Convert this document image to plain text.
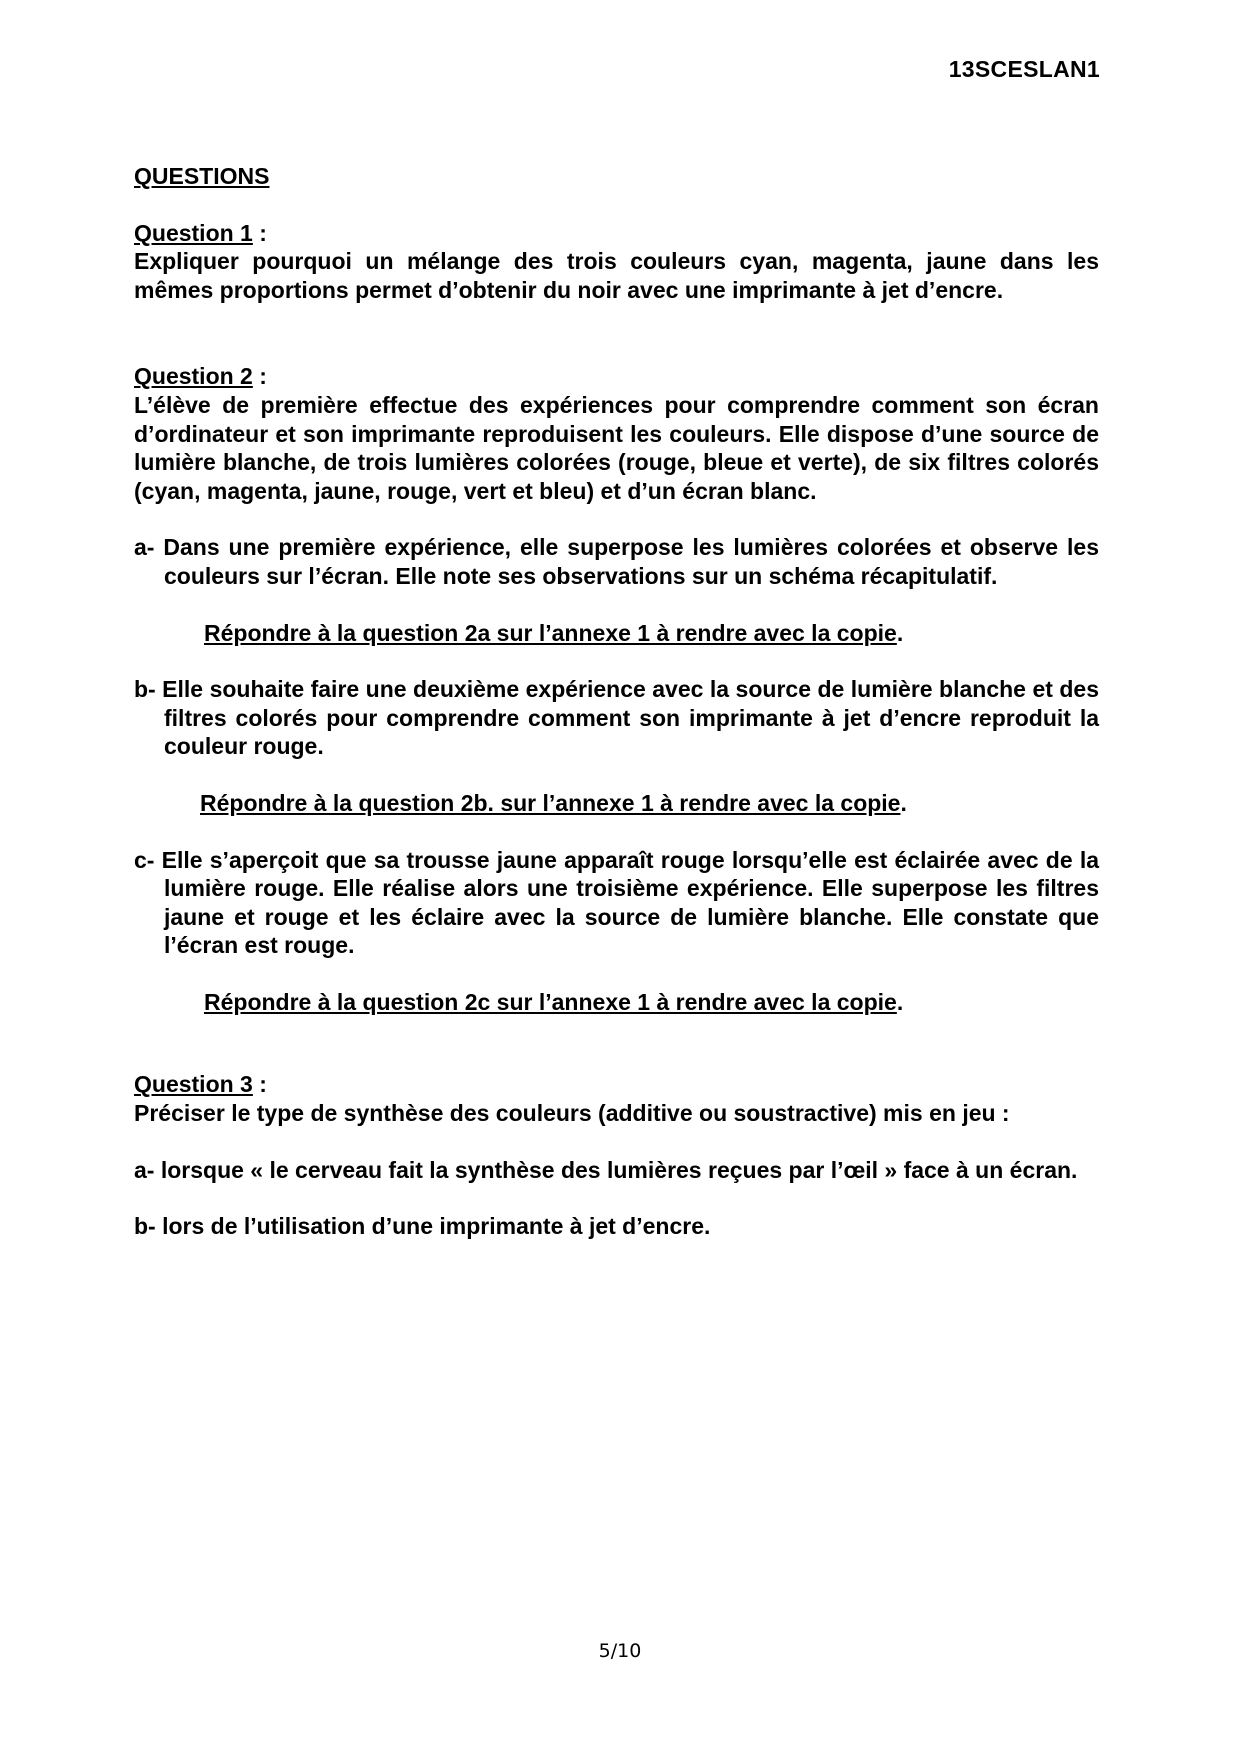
13SCESLAN1

QUESTIONS

Question 1 :

Expliquer pourquoi un mélange des trois couleurs cyan, magenta, jaune dans les mêmes proportions permet d’obtenir du noir avec une imprimante à jet d’encre.

Question 2 :

L’élève de première effectue des expériences pour comprendre comment son écran d’ordinateur et son imprimante reproduisent les couleurs. Elle dispose d’une source de lumière blanche, de trois lumières colorées (rouge, bleue et verte), de six filtres colorés (cyan, magenta, jaune, rouge, vert et bleu) et d’un écran blanc.

a- Dans une première expérience, elle superpose les lumières colorées et observe les couleurs sur l’écran. Elle note ses observations sur un schéma récapitulatif.

Répondre à la question 2a sur l’annexe 1 à rendre avec la copie.

b- Elle souhaite faire une deuxième expérience avec la source de lumière blanche et des filtres colorés pour comprendre comment son imprimante à jet d’encre reproduit la couleur rouge.

Répondre à la question 2b. sur l’annexe 1 à rendre avec la copie.

c- Elle s’aperçoit que sa trousse jaune apparaît rouge lorsqu’elle est éclairée avec de la lumière rouge. Elle réalise alors une troisième expérience. Elle superpose les filtres jaune et rouge et les éclaire avec la source de lumière blanche. Elle constate que l’écran est rouge.

Répondre à la question 2c sur l’annexe 1 à rendre avec la copie.

Question 3 :

Préciser le type de synthèse des couleurs (additive ou soustractive) mis en jeu :

a- lorsque « le cerveau fait la synthèse des lumières reçues par l’œil » face à un écran.

b- lors de l’utilisation d’une imprimante à jet d’encre.

5/10
